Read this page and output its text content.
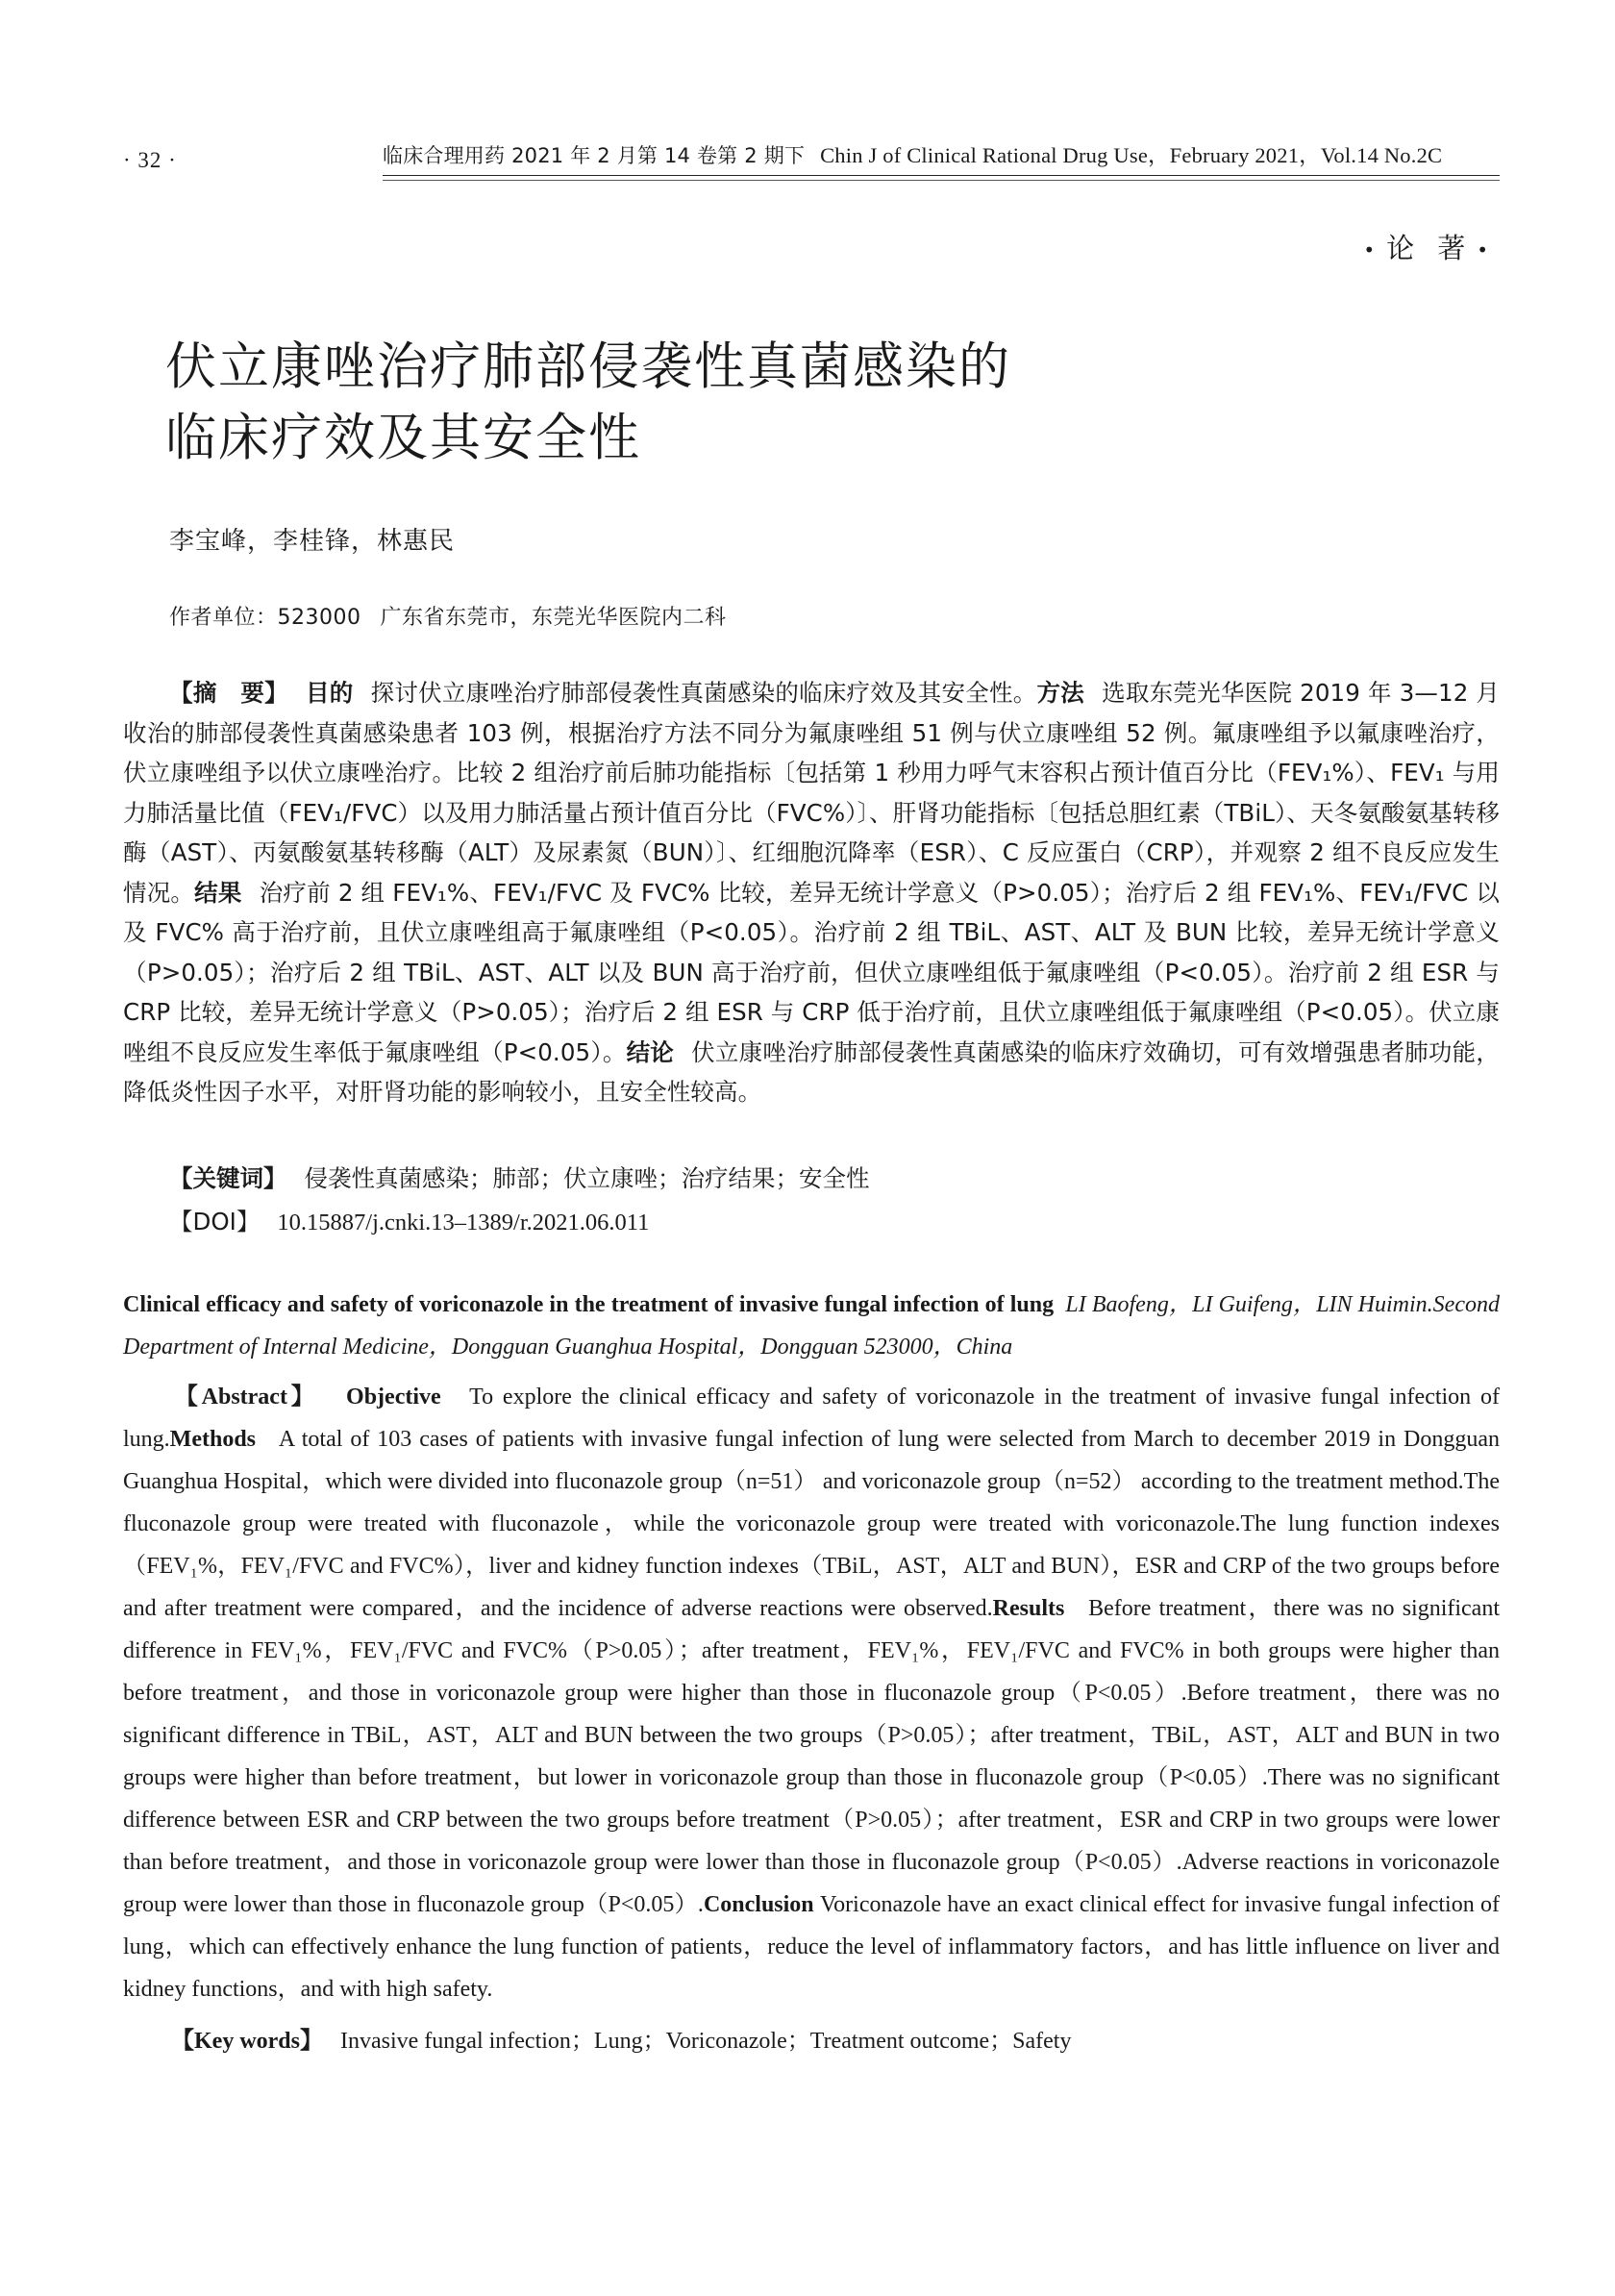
· 32 ·	临床合理用药 2021 年 2 月第 14 卷第 2 期下 Chin J of Clinical Rational Drug Use，February 2021，Vol.14 No.2C
• 论 著 •
伏立康唑治疗肺部侵袭性真菌感染的
临床疗效及其安全性
李宝峰，李桂锋，林惠民
作者单位：523000 广东省东莞市，东莞光华医院内二科
【摘　要】 目的 探讨伏立康唑治疗肺部侵袭性真菌感染的临床疗效及其安全性。方法 选取东莞光华医院 2019 年 3—12 月收治的肺部侵袭性真菌感染患者 103 例，根据治疗方法不同分为氟康唑组 51 例与伏立康唑组 52 例。氟康唑组予以氟康唑治疗，伏立康唑组予以伏立康唑治疗。比较 2 组治疗前后肺功能指标〔包括第 1 秒用力呼气末容积占预计值百分比（FEV₁%）、FEV₁ 与用力肺活量比值（FEV₁/FVC）以及用力肺活量占预计值百分比（FVC%）〕、肝肾功能指标〔包括总胆红素（TBiL）、天冬氨酸氨基转移酶（AST）、丙氨酸氨基转移酶（ALT）及尿素氮（BUN）〕、红细胞沉降率（ESR）、C 反应蛋白（CRP），并观察 2 组不良反应发生情况。结果 治疗前 2 组 FEV₁%、FEV₁/FVC 及 FVC% 比较，差异无统计学意义（P>0.05）；治疗后 2 组 FEV₁%、FEV₁/FVC 以及 FVC% 高于治疗前，且伏立康唑组高于氟康唑组（P<0.05）。治疗前 2 组 TBiL、AST、ALT 及 BUN 比较，差异无统计学意义（P>0.05）；治疗后 2 组 TBiL、AST、ALT 以及 BUN 高于治疗前，但伏立康唑组低于氟康唑组（P<0.05）。治疗前 2 组 ESR 与 CRP 比较，差异无统计学意义（P>0.05）；治疗后 2 组 ESR 与 CRP 低于治疗前，且伏立康唑组低于氟康唑组（P<0.05）。伏立康唑组不良反应发生率低于氟康唑组（P<0.05）。结论 伏立康唑治疗肺部侵袭性真菌感染的临床疗效确切，可有效增强患者肺功能，降低炎性因子水平，对肝肾功能的影响较小，且安全性较高。
【关键词】 侵袭性真菌感染；肺部；伏立康唑；治疗结果；安全性
【DOI】 10.15887/j.cnki.13–1389/r.2021.06.011
Clinical efficacy and safety of voriconazole in the treatment of invasive fungal infection of lung LI Baofeng，LI Guifeng，LIN Huimin.Second Department of Internal Medicine，Dongguan Guanghua Hospital，Dongguan 523000，China
【Abstract】 Objective To explore the clinical efficacy and safety of voriconazole in the treatment of invasive fungal infection of lung.Methods A total of 103 cases of patients with invasive fungal infection of lung were selected from March to december 2019 in Dongguan Guanghua Hospital，which were divided into fluconazole group（n=51） and voriconazole group（n=52） according to the treatment method.The fluconazole group were treated with fluconazole，while the voriconazole group were treated with voriconazole.The lung function indexes（FEV₁%，FEV₁/FVC and FVC%），liver and kidney function indexes（TBiL，AST，ALT and BUN），ESR and CRP of the two groups before and after treatment were compared，and the incidence of adverse reactions were observed.Results Before treatment，there was no significant difference in FEV₁%，FEV₁/FVC and FVC%（P>0.05）；after treatment，FEV₁%，FEV₁/FVC and FVC% in both groups were higher than before treatment，and those in voriconazole group were higher than those in fluconazole group（P<0.05）.Before treatment，there was no significant difference in TBiL，AST，ALT and BUN between the two groups（P>0.05）；after treatment，TBiL，AST，ALT and BUN in two groups were higher than before treatment，but lower in voriconazole group than those in fluconazole group（P<0.05）.There was no significant difference between ESR and CRP between the two groups before treatment（P>0.05）；after treatment，ESR and CRP in two groups were lower than before treatment，and those in voriconazole group were lower than those in fluconazole group（P<0.05）.Adverse reactions in voriconazole group were lower than those in fluconazole group（P<0.05）.Conclusion Voriconazole have an exact clinical effect for invasive fungal infection of lung，which can effectively enhance the lung function of patients，reduce the level of inflammatory factors，and has little influence on liver and kidney functions，and with high safety.
【Key words】 Invasive fungal infection；Lung；Voriconazole；Treatment outcome；Safety
